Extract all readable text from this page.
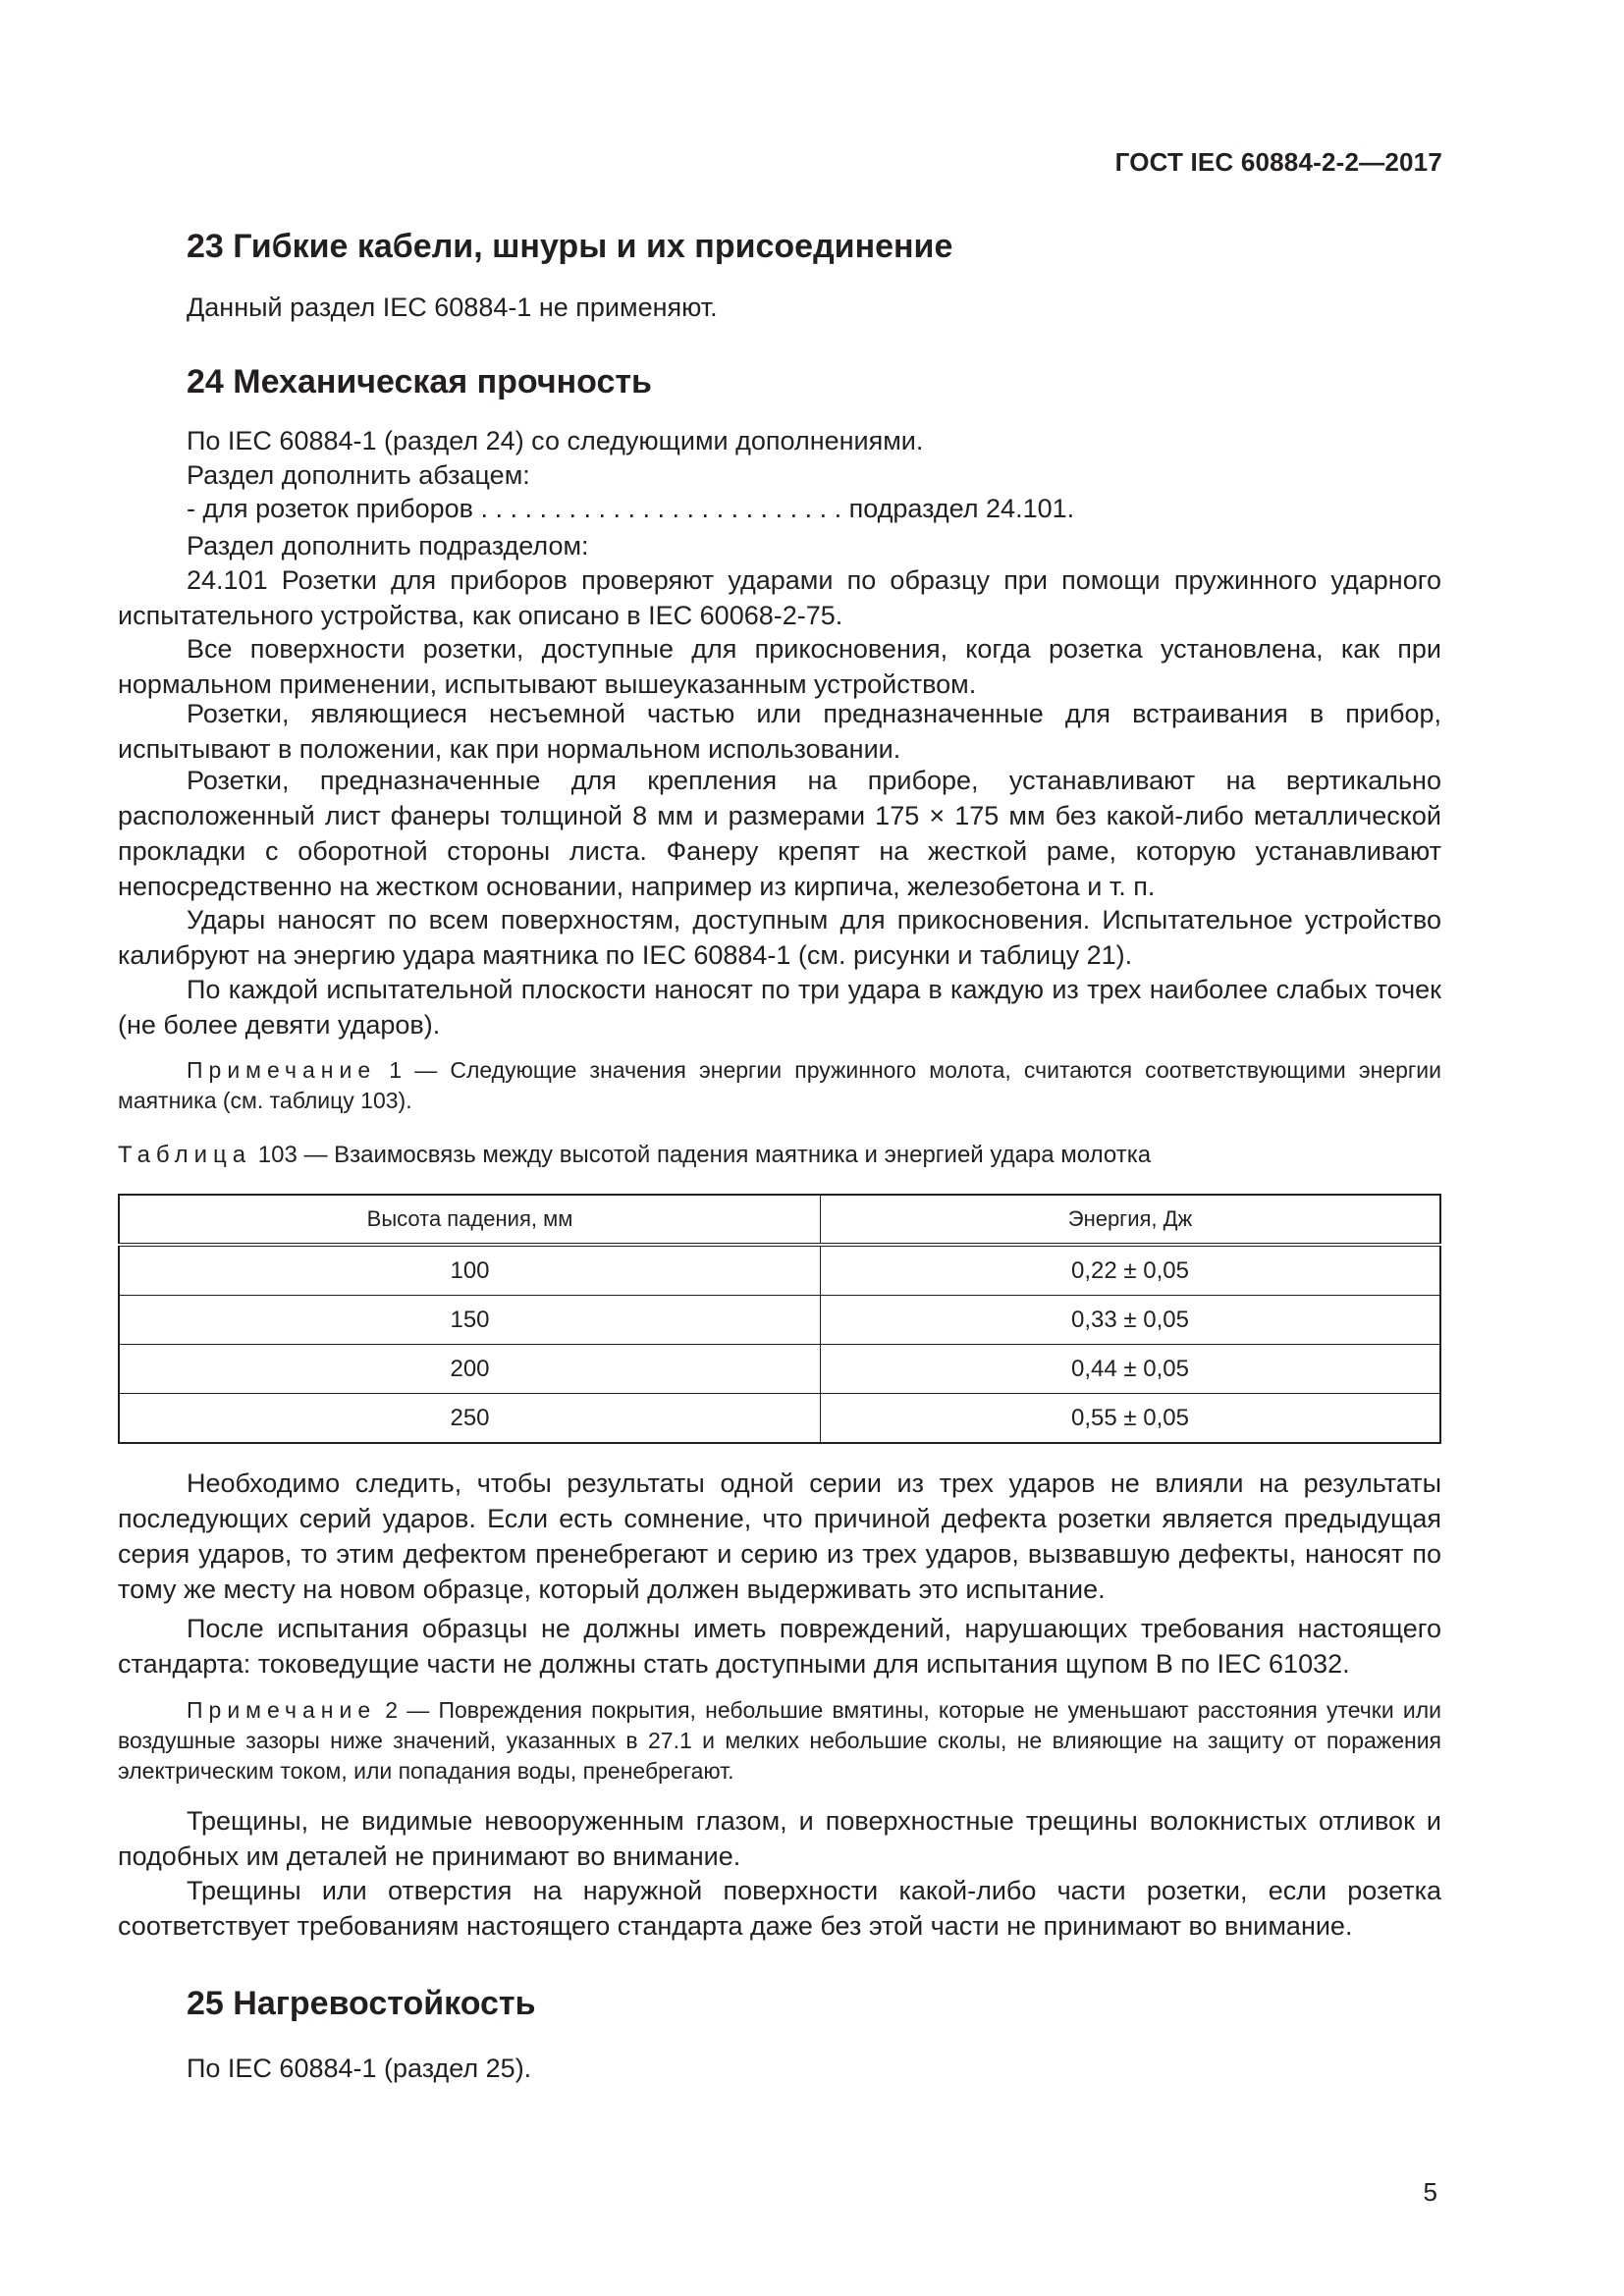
ГОСТ IEC 60884-2-2—2017
23 Гибкие кабели, шнуры и их присоединение
Данный раздел IEC 60884-1 не применяют.
24 Механическая прочность
По IEC 60884-1 (раздел 24) со следующими дополнениями.
Раздел дополнить абзацем:
- для розеток приборов . . . . . . . . . . . . . . . . . . . . . . . . . подраздел 24.101.
Раздел дополнить подразделом:
24.101 Розетки для приборов проверяют ударами по образцу при помощи пружинного ударного испытательного устройства, как описано в IEC 60068-2-75.
Все поверхности розетки, доступные для прикосновения, когда розетка установлена, как при нормальном применении, испытывают вышеуказанным устройством.
Розетки, являющиеся несъемной частью или предназначенные для встраивания в прибор, испытывают в положении, как при нормальном использовании.
Розетки, предназначенные для крепления на приборе, устанавливают на вертикально расположенный лист фанеры толщиной 8 мм и размерами 175 × 175 мм без какой-либо металлической прокладки с оборотной стороны листа. Фанеру крепят на жесткой раме, которую устанавливают непосредственно на жестком основании, например из кирпича, железобетона и т. п.
Удары наносят по всем поверхностям, доступным для прикосновения. Испытательное устройство калибруют на энергию удара маятника по IEC 60884-1 (см. рисунки и таблицу 21).
По каждой испытательной плоскости наносят по три удара в каждую из трех наиболее слабых точек (не более девяти ударов).
Примечание 1 — Следующие значения энергии пружинного молота, считаются соответствующими энергии маятника (см. таблицу 103).
Таблица 103 — Взаимосвязь между высотой падения маятника и энергией удара молотка
Высота падения, мм	Энергия, Дж
100	0,22 ± 0,05
150	0,33 ± 0,05
200	0,44 ± 0,05
250	0,55 ± 0,05
Необходимо следить, чтобы результаты одной серии из трех ударов не влияли на результаты последующих серий ударов. Если есть сомнение, что причиной дефекта розетки является предыдущая серия ударов, то этим дефектом пренебрегают и серию из трех ударов, вызвавшую дефекты, наносят по тому же месту на новом образце, который должен выдерживать это испытание.
После испытания образцы не должны иметь повреждений, нарушающих требования настоящего стандарта: токоведущие части не должны стать доступными для испытания щупом В по IEC 61032.
Примечание 2 — Повреждения покрытия, небольшие вмятины, которые не уменьшают расстояния утечки или воздушные зазоры ниже значений, указанных в 27.1 и мелких небольшие сколы, не влияющие на защиту от поражения электрическим током, или попадания воды, пренебрегают.
Трещины, не видимые невооруженным глазом, и поверхностные трещины волокнистых отливок и подобных им деталей не принимают во внимание.
Трещины или отверстия на наружной поверхности какой-либо части розетки, если розетка соответствует требованиям настоящего стандарта даже без этой части не принимают во внимание.
25 Нагревостойкость
По IEC 60884-1 (раздел 25).
5
